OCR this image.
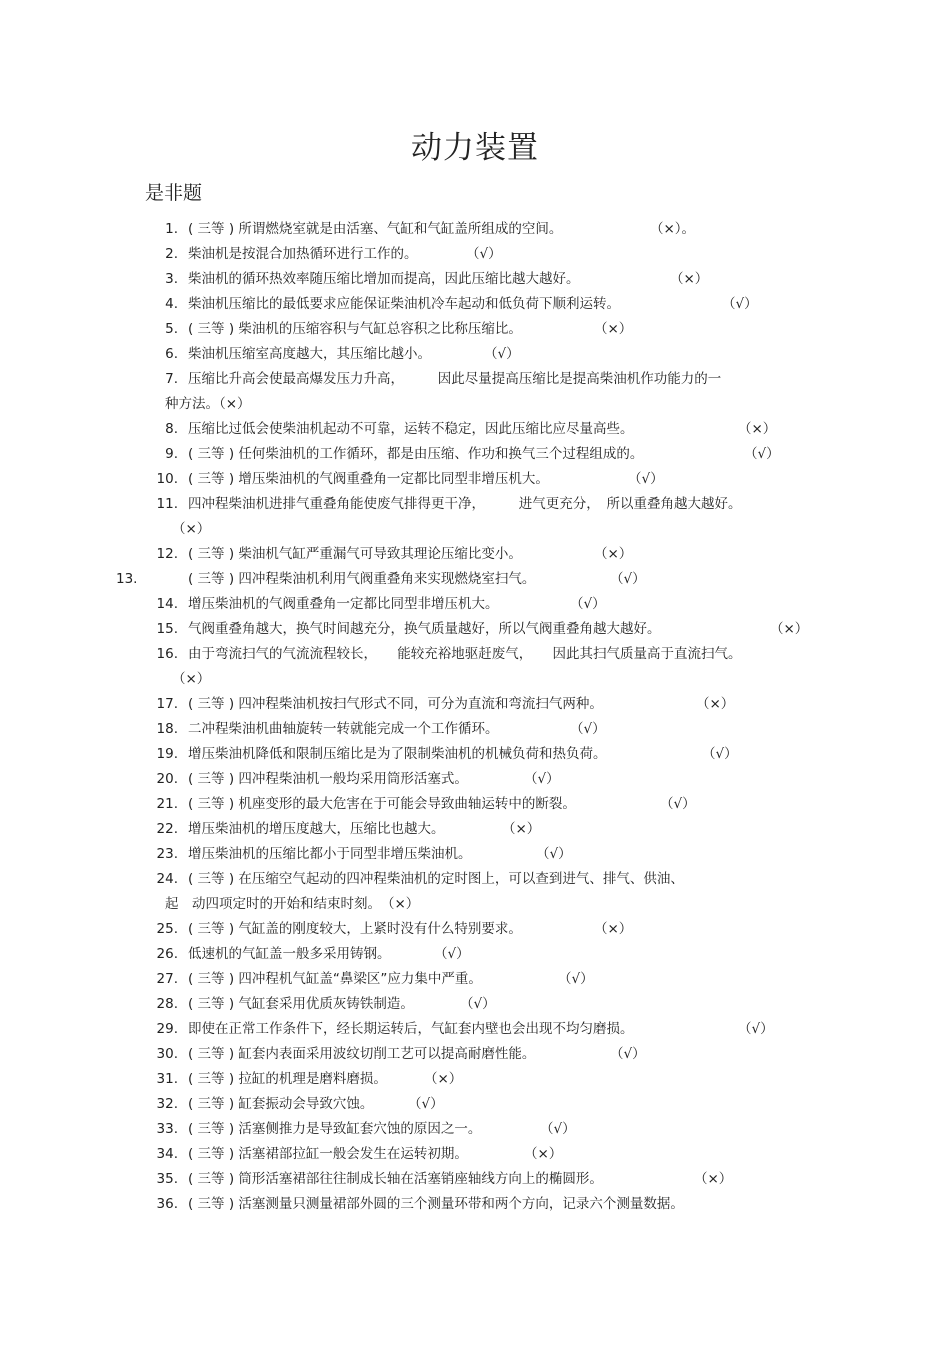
动力装置
是非题
1. ( 三等 ) 所谓燃烧室就是由活塞、气缸和气缸盖所组成的空间。	（×）。
2. 柴油机是按混合加热循环进行工作的。	（√）
3. 柴油机的循环热效率随压缩比增加而提高，因此压缩比越大越好。	（×）
4. 柴油机压缩比的最低要求应能保证柴油机冷车起动和低负荷下顺利运转。	（√）
5. ( 三等 ) 柴油机的压缩容积与气缸总容积之比称压缩比。	（×）
6. 柴油机压缩室高度越大，其压缩比越小。	（√）
7. 压缩比升高会使最高爆发压力升高，　　　因此尽量提高压缩比是提高柴油机作功能力的一
种方法。（×）
8. 压缩比过低会使柴油机起动不可靠，运转不稳定，因此压缩比应尽量高些。	（×）
9. ( 三等 ) 任何柴油机的工作循环，都是由压缩、作功和换气三个过程组成的。	（√）
10. ( 三等 ) 增压柴油机的气阀重叠角一定都比同型非增压机大。	（√）
11. 四冲程柴油机进排气重叠角能使废气排得更干净，　　　进气更充分，　所以重叠角越大越好。
（×）
12. ( 三等 ) 柴油机气缸严重漏气可导致其理论压缩比变小。	（×）
13.	( 三等 ) 四冲程柴油机利用气阀重叠角来实现燃烧室扫气。	（√）
14. 增压柴油机的气阀重叠角一定都比同型非增压机大。	（√）
15. 气阀重叠角越大，换气时间越充分，换气质量越好，所以气阀重叠角越大越好。	（×）
16. 由于弯流扫气的气流流程较长，　　能较充裕地驱赶废气，　　因此其扫气质量高于直流扫气。
（×）
17. ( 三等 ) 四冲程柴油机按扫气形式不同，可分为直流和弯流扫气两种。	（×）
18. 二冲程柴油机曲轴旋转一转就能完成一个工作循环。	（√）
19. 增压柴油机降低和限制压缩比是为了限制柴油机的机械负荷和热负荷。	（√）
20. ( 三等 ) 四冲程柴油机一般均采用筒形活塞式。	（√）
21. ( 三等 ) 机座变形的最大危害在于可能会导致曲轴运转中的断裂。	（√）
22. 增压柴油机的增压度越大，压缩比也越大。	（×）
23. 增压柴油机的压缩比都小于同型非增压柴油机。	（√）
24. ( 三等 ) 在压缩空气起动的四冲程柴油机的定时图上，可以查到进气、排气、供油、
起　动四项定时的开始和结束时刻。　（×）
25. ( 三等 ) 气缸盖的刚度较大，上紧时没有什么特别要求。	（×）
26. 低速机的气缸盖一般多采用铸钢。	（√）
27. ( 三等 ) 四冲程机气缸盖“鼻梁区”应力集中严重。	（√）
28. ( 三等 ) 气缸套采用优质灰铸铁制造。	（√）
29. 即使在正常工作条件下，经长期运转后，气缸套内壁也会出现不均匀磨损。	（√）
30. ( 三等 ) 缸套内表面采用波纹切削工艺可以提高耐磨性能。	（√）
31. ( 三等 ) 拉缸的机理是磨料磨损。	（×）
32. ( 三等 ) 缸套振动会导致穴蚀。	（√）
33. ( 三等 ) 活塞侧推力是导致缸套穴蚀的原因之一。	（√）
34. ( 三等 ) 活塞裙部拉缸一般会发生在运转初期。	（×）
35. ( 三等 ) 筒形活塞裙部往往制成长轴在活塞销座轴线方向上的椭圆形。	（×）
36. ( 三等 ) 活塞测量只测量裙部外圆的三个测量环带和两个方向，记录六个测量数据。
